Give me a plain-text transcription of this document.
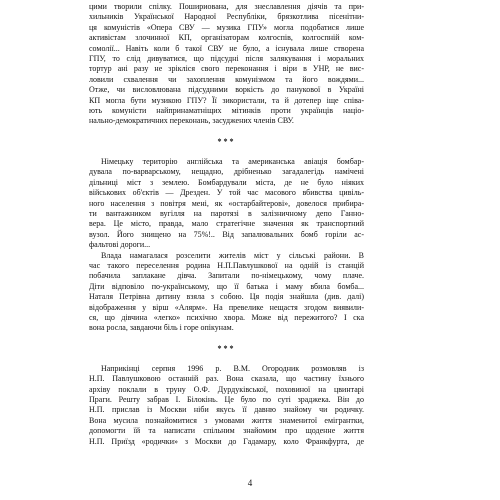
цими творили спілку. Пошириована, для знеславлення діячів та при-
хильників Української Народної Республіки, брязкотлива пісенітни-
ця комуністів «Опера СВУ — музика ГПУ» могла подобатися лише
активістам злочинної КП, організаторам колгоспів, колгоспній ком-
сомолії... Навіть коли б такої СВУ не було, а існувала лише створена
ГПУ, то слід дивуватися, що підсудні після залякування і моральних
тортур ані разу не зрікліся свого переконання і віри в УНР, не вис-
ловили схвалення чи захоплення комунізмом та його вождями...
Отже, чи висловлювана підсудними воркість до панукової в Україні
КП могла бути музикою ГПУ? Її зикористали, та й дотепер іще співа-
ють комуністи найпринаматніщих мітинків проти українців націо-
нально-демократичних переконань, засуджених членів СВУ.

***

Німецьку територію англійська та американська авіація бомбар-
дувала по-варварському, нещадно, дрібненько загадалегідь намічені
дільниці міст з землею. Бомбардували міста, де не було ніяких
військових об'єктів — Дрезден. У той час масового вбивства цивіль-
ного населення з повітря мені, як «остарбайтерові», довелося прибира-
ти вантажником вугілля на паротязі в залізничному депо Ганно-
вера. Це місто, правда, мало стратегічне значення як транспортний
вузол. Його знищено на 75%!.. Від запалювальних бомб горіли ас-
фальтові дороги...

Влада намагалася розселити жителів міст у сільські райони. В
час такого переселення родина Н.П.Павлушкової на одній із станцій
побачила заплакане дівча. Запитали по-німецькому, чому плаче.
Діти відповіло по-українському, що її батька і маму вбила бомба...
Наталя Петрівна дитину взяла з собою. Ця подія знайшла (див. далі)
відображення у вірш «Алярм». На превелике нещастя згодом виявили-
ся, що дівчина «легко» психічно хвора. Може від пережитого? І ска
вона росла, завдаючи біль і горе опікунам.

***

Наприкінці серпня 1996 р. В.М. Огородник розмовляв із
Н.П. Павлушковою останній раз. Вона сказала, що частину їхнього
архіву поклали в труну О.Ф. Дурдуківської, поховиної на цвинтарі
Праги. Решту забрав І. Білокінь. Це було по суті зраджека. Він до
Н.П. прислав із Москви ніби якусь її давню знайому чи родичку.
Вона мусила познайомитися з умовами життя знаменитої емігрантки,
допомогти їй та написати спільним знайомим про щоденне життя
Н.П. Приїзд «родички» з Москви до Гадамару, коло Франкфурта, де

4
